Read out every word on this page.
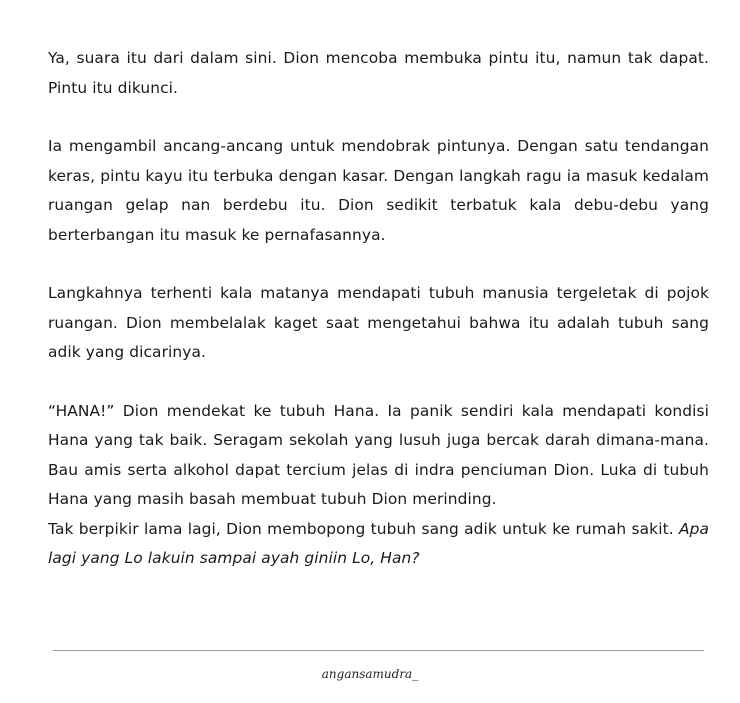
Ya, suara itu dari dalam sini. Dion mencoba membuka pintu itu, namun tak dapat. Pintu itu dikunci.

Ia mengambil ancang-ancang untuk mendobrak pintunya. Dengan satu tendangan keras, pintu kayu itu terbuka dengan kasar. Dengan langkah ragu ia masuk kedalam ruangan gelap nan berdebu itu. Dion sedikit terbatuk kala debu-debu yang berterbangan itu masuk ke pernafasannya.

Langkahnya terhenti kala matanya mendapati tubuh manusia tergeletak di pojok ruangan. Dion membelalak kaget saat mengetahui bahwa itu adalah tubuh sang adik yang dicarinya.

“HANA!” Dion mendekat ke tubuh Hana. Ia panik sendiri kala mendapati kondisi Hana yang tak baik. Seragam sekolah yang lusuh juga bercak darah dimana-mana. Bau amis serta alkohol dapat tercium jelas di indra penciuman Dion. Luka di tubuh Hana yang masih basah membuat tubuh Dion merinding.

Tak berpikir lama lagi, Dion membopong tubuh sang adik untuk ke rumah sakit. Apa lagi yang Lo lakuin sampai ayah giniin Lo, Han?

angansamudra_
